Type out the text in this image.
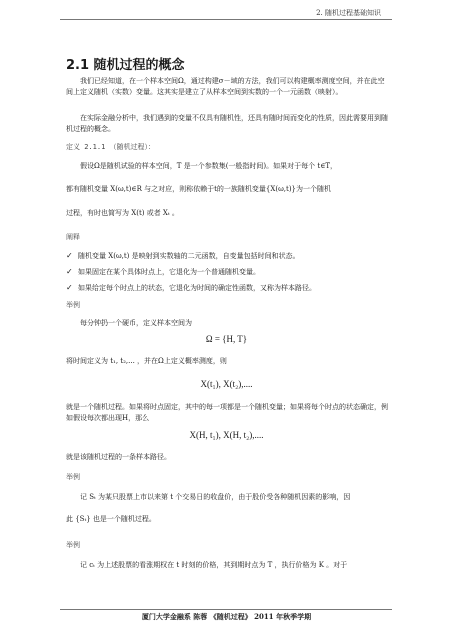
2. 随机过程基础知识
2.1 随机过程的概念

我们已经知道，在一个样本空间Ω，通过构建σ－域的方法，我们可以构建概率测度空间，并在此空间上定义随机（实数）变量。这其实是建立了从样本空间到实数的一个一元函数（映射）。

在实际金融分析中，我们遇到的变量不仅具有随机性，还具有随时间而变化的性质，因此需要用到随机过程的概念。

定义 2.1.1 （随机过程）：
假设Ω是随机试验的样本空间，T 是一个参数集(一般指时间)。如果对于每个 t∈T，
都有随机变量 X(ω,t)∈R 与之对应，则称依赖于t的一族随机变量{X(ω,t)}为一个随机
过程，有时也简写为 X(t) 或者 Xₜ 。
阐释
✓ 随机变量 X(ω,t) 是映射到实数轴的二元函数，自变量包括时间和状态。
✓ 如果固定在某个具体时点上，它退化为一个普通随机变量。
✓ 如果给定每个时点上的状态，它退化为时间的确定性函数，又称为样本路径。
举例
每分钟扔一个硬币，定义样本空间为
Ω = {H, T}
将时间定义为 t₁, t₂,... ，并在Ω上定义概率测度，则
X(t₁), X(t₂),....

就是一个随机过程。如果将时点固定，其中的每一项都是一个随机变量；如果将每个时点的状态确定，例如假设每次都出现H，那么

X(H, t₁), X(H, t₂),....
就是该随机过程的一条样本路径。
举例
记 Sₜ 为某只股票上市以来第 t 个交易日的收盘价，由于股价受各种随机因素的影响，因
此 {Sₜ} 也是一个随机过程。
举例
记 cₜ 为上述股票的看涨期权在 t 时刻的价格，其到期时点为 T ，执行价格为 K 。对于
厦门大学金融系 陈蓉 《随机过程》 2011 年秋季学期
